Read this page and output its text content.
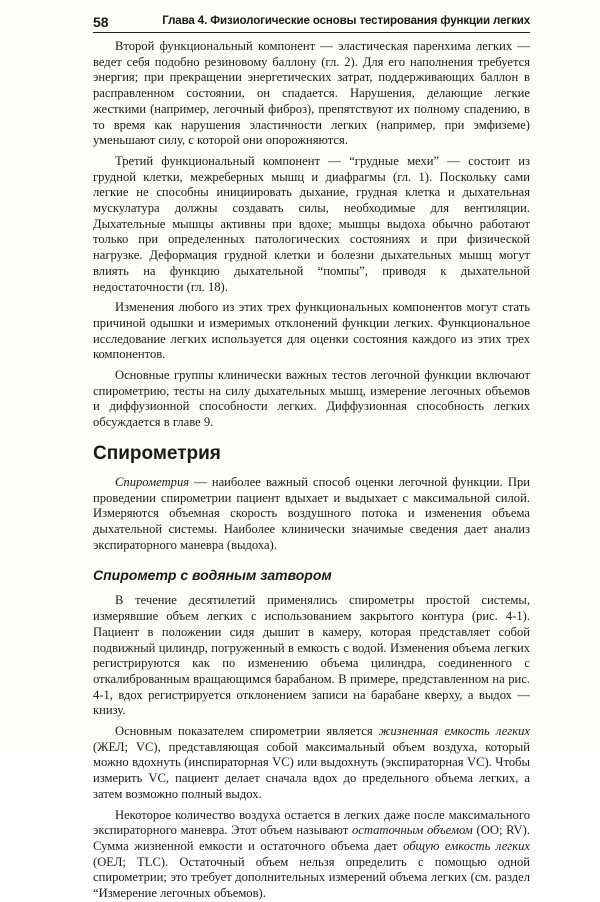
58	Глава 4. Физиологические основы тестирования функции легких

Второй функциональный компонент — эластическая паренхима легких — ведет себя подобно резиновому баллону (гл. 2). Для его наполнения требуется энергия; при прекращении энергетических затрат, поддерживающих баллон в расправленном состоянии, он спадается. Нарушения, делающие легкие жесткими (например, легочный фиброз), препятствуют их полному спадению, в то время как нарушения эластичности легких (например, при эмфиземе) уменьшают силу, с которой они опорожняются.

Третий функциональный компонент — “грудные мехи” — состоит из грудной клетки, межреберных мышц и диафрагмы (гл. 1). Поскольку сами легкие не способны инициировать дыхание, грудная клетка и дыхательная мускулатура должны создавать силы, необходимые для вентиляции. Дыхательные мышцы активны при вдохе; мышцы выдоха обычно работают только при определенных патологических состояниях и при физической нагрузке. Деформация грудной клетки и болезни дыхательных мышц могут влиять на функцию дыхательной “помпы”, приводя к дыхательной недостаточности (гл. 18).

Изменения любого из этих трех функциональных компонентов могут стать причиной одышки и измеримых отклонений функции легких. Функциональное исследование легких используется для оценки состояния каждого из этих трех компонентов.

Основные группы клинически важных тестов легочной функции включают спирометрию, тесты на силу дыхательных мышц, измерение легочных объемов и диффузионной способности легких. Диффузионная способность легких обсуждается в главе 9.

Спирометрия

Спирометрия — наиболее важный способ оценки легочной функции. При проведении спирометрии пациент вдыхает и выдыхает с максимальной силой. Измеряются объемная скорость воздушного потока и изменения объема дыхательной системы. Наиболее клинически значимые сведения дает анализ экспираторного маневра (выдоха).

Спирометр с водяным затвором

В течение десятилетий применялись спирометры простой системы, измерявшие объем легких с использованием закрытого контура (рис. 4-1). Пациент в положении сидя дышит в камеру, которая представляет собой подвижный цилиндр, погруженный в емкость с водой. Изменения объема легких регистрируются как по изменению объема цилиндра, соединенного с откалиброванным вращающимся барабаном. В примере, представленном на рис. 4-1, вдох регистрируется отклонением записи на барабане кверху, а выдох — книзу.

Основным показателем спирометрии является жизненная емкость легких (ЖЕЛ; VC), представляющая собой максимальный объем воздуха, который можно вдохнуть (инспираторная VC) или выдохнуть (экспираторная VC). Чтобы измерить VC, пациент делает сначала вдох до предельного объема легких, а затем возможно полный выдох.

Некоторое количество воздуха остается в легких даже после максимального экспираторного маневра. Этот объем называют остаточным объемом (ОО; RV). Сумма жизненной емкости и остаточного объема дает общую емкость легких (ОЕЛ; TLC). Остаточный объем нельзя определить с помощью одной спирометрии; это требует дополнительных измерений объема легких (см. раздел “Измерение легочных объемов).
